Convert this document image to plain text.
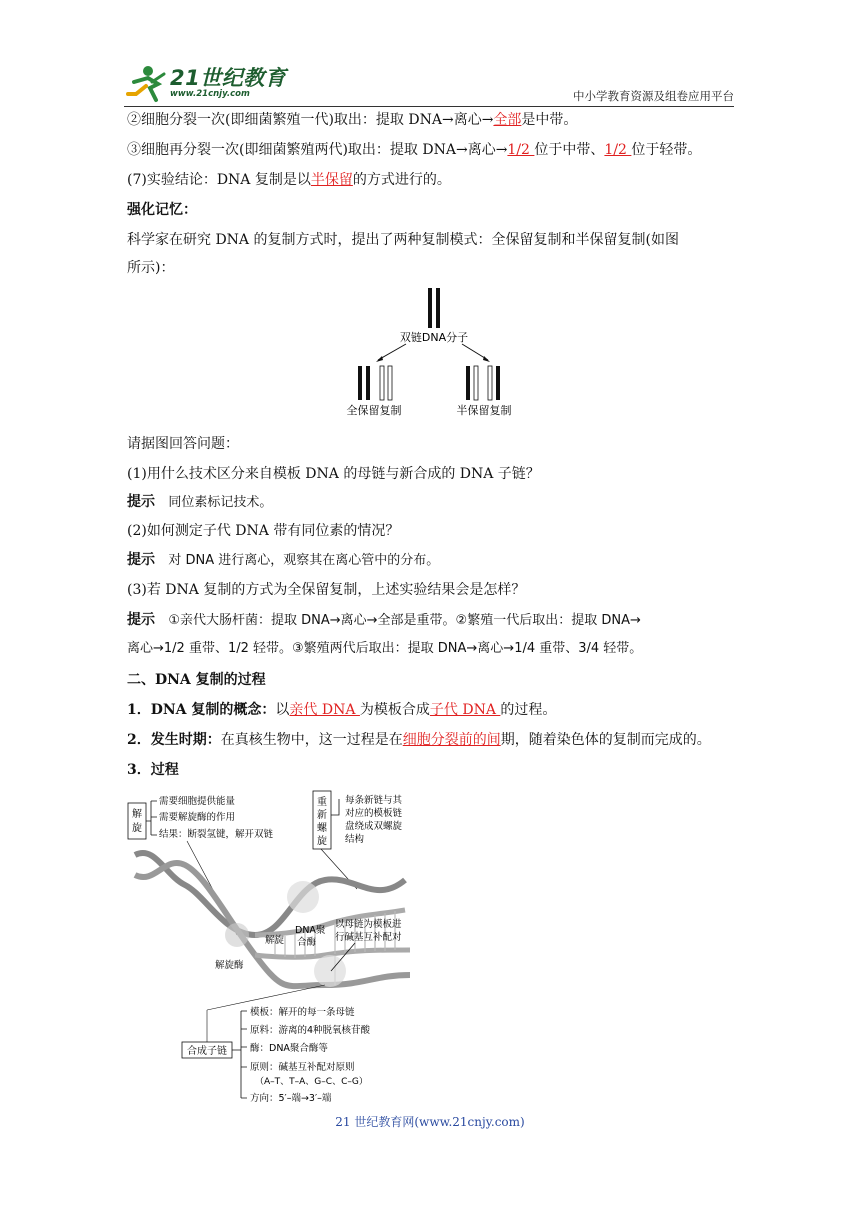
21世纪教育
www.21cnjy.com	中小学教育资源及组卷应用平台
②细胞分裂一次(即细菌繁殖一代)取出：提取 DNA→离心→全部是中带。
③细胞再分裂一次(即细菌繁殖两代)取出：提取 DNA→离心→1/2 位于中带、1/2 位于轻带。
(7)实验结论：DNA 复制是以半保留的方式进行的。
强化记忆：
科学家在研究 DNA 的复制方式时，提出了两种复制模式：全保留复制和半保留复制(如图
所示)：
双链DNA分子
全保留复制	半保留复制
请据图回答问题：
(1)用什么技术区分来自模板 DNA 的母链与新合成的 DNA 子链？
提示 同位素标记技术。
(2)如何测定子代 DNA 带有同位素的情况？
提示 对 DNA 进行离心，观察其在离心管中的分布。
(3)若 DNA 复制的方式为全保留复制，上述实验结果会是怎样？
提示 ①亲代大肠杆菌：提取 DNA→离心→全部是重带。②繁殖一代后取出：提取 DNA→
离心→1/2 重带、1/2 轻带。③繁殖两代后取出：提取 DNA→离心→1/4 重带、3/4 轻带。
二、DNA 复制的过程
1．DNA 复制的概念：以亲代 DNA 为模板合成子代 DNA 的过程。
2．发生时期：在真核生物中，这一过程是在细胞分裂前的间期，随着染色体的复制而完成的。
3．过程
解
旋
需要细胞提供能量
需要解旋酶的作用
结果：断裂氢键，解开双链
重
新
螺
旋
每条新链与其
对应的模板链
盘绕成双螺旋
结构
DNA聚
合酶
以母链为模板进
行碱基互补配对
解旋
解旋酶
合成子链
模板：解开的每一条母链
原料：游离的4种脱氧核苷酸
酶：DNA聚合酶等
原则：碱基互补配对原则
（A–T、T–A、G–C、C–G）
方向：5′–端→3′–端
21 世纪教育网(www.21cnjy.com)
